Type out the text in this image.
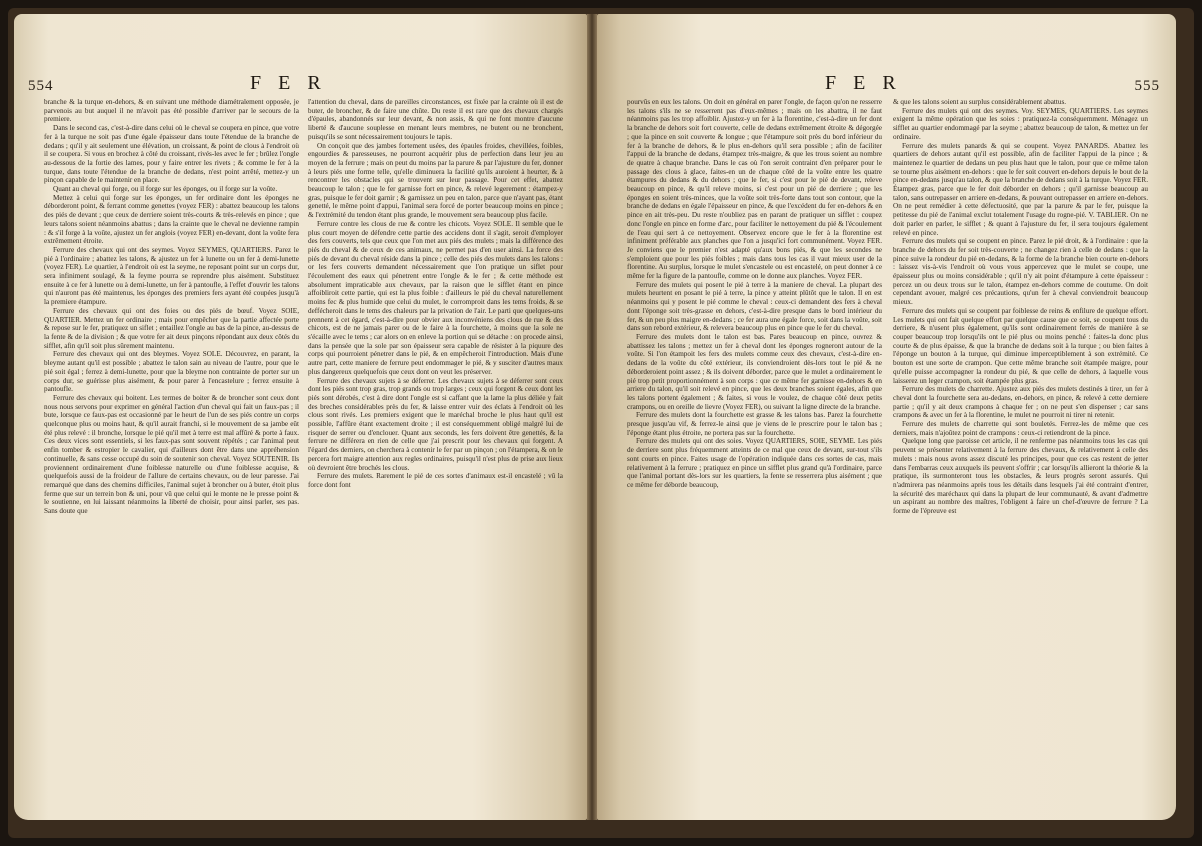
554	F E R

branche & la turque en-dehors, & en suivant une méthode diamétralement opposée, je parvenois au but auquel il ne m'avoit pas été possible d'arriver par le secours de la premiere.

Dans le second cas, c'est-à-dire dans celui où le cheval se coupera en pince, que votre fer à la turque ne soit pas d'une égale épaisseur dans toute l'étendue de la branche de dedans ; qu'il y ait seulement une élévation, un croissant, & point de clous à l'endroit où il se coupera. Si vous en brochez à côté du croissant, rivés-les avec le fer ; brûlez l'ongle au-dessous de la fortie des lames, pour y faire entrer les rivets ; & comme le fer à la turque, dans toute l'étendue de la branche de dedans, n'est point arrêté, mettez-y un pinçon capable de le maintenir en place.

Quant au cheval qui forge, ou il forge sur les éponges, ou il forge sur la voûte.

Mettez à celui qui forge sur les éponges, un fer ordinaire dont les éponges ne déborderont point, & ferrant comme genettes (voyez FER) : abattez beaucoup les talons des piés de devant ; que ceux de derriere soient très-courts & très-relevés en pince ; que leurs talons soient néanmoins abattus ; dans la crainte que le cheval ne devienne rampin : & s'il forge à la voûte, ajustez un fer anglois (voyez FER) en-devant, dont la voûte fera extrêmement étroite.

Ferrure des chevaux qui ont des seymes. Voyez SEYMES, QUARTIERS. Parez le pié à l'ordinaire ; abattez les talons, & ajustez un fer à lunette ou un fer à demi-lunette (voyez FER). Le quartier, à l'endroit où est la seyme, ne reposant point sur un corps dur, sera infiniment soulagé, & la feyme pourra se reprendre plus aisément. Substituez ensuite à ce fer à lunette ou à demi-lunette, un fer à pantoufle, à l'effet d'ouvrir les talons qui n'auront pas été maintenus, les éponges des premiers fers ayant été coupées jusqu'à la premiere étampure.

Ferrure des chevaux qui ont des foies ou des piés de bœuf. Voyez SOIE, QUARTIER. Mettez un fer ordinaire ; mais pour empêcher que la partie affectée porte & repose sur le fer, pratiquez un siflet ; entaillez l'ongle au bas de la pince, au-dessus de la fente & de la division ; & que votre fer ait deux pinçons répondant aux deux côtés du sifflet, afin qu'il soit plus sûrement maintenu.

Ferrure des chevaux qui ont des bleymes. Voyez SOLE. Découvrez, en parant, la bleyme autant qu'il est possible ; abattez le talon sain au niveau de l'autre, pour que le pié soit égal ; ferrez à demi-lunette, pour que la bleyme non contrainte de porter sur un corps dur, se guérisse plus aisément, & pour parer à l'encastelure ; ferrez ensuite à pantoufle.

Ferrure des chevaux qui boitent. Les termes de boiter & de broncher sont ceux dont nous nous servons pour exprimer en général l'action d'un cheval qui fait un faux-pas ; il bute, lorsque ce faux-pas est occasionné par le heurt de l'un de ses piés contre un corps quelconque plus ou moins haut, & qu'il aurait franchi, si le mouvement de sa jambe eût été plus relevé : il bronche, lorsque le pié qu'il met à terre est mal affûré & porte à faux. Ces deux vices sont essentiels, si les faux-pas sont souvent répétés ; car l'animal peut enfin tomber & estropier le cavalier, qui d'ailleurs dont être dans une appréhension continuelle, & sans cesse occupé du soin de soutenir son cheval. Voyez SOUTENIR. Ils proviennent ordinairement d'une foiblesse naturelle ou d'une foiblesse acquise, & quelquefois aussi de la froideur de l'allure de certains chevaux, ou de leur paresse. J'ai remarqué que dans des chemins difficiles, l'animal sujet à broncher ou à buter, étoit plus ferme que sur un terrein bon & uni, pour vû que celui qui le monte ne le presse point & le soutienne, en lui laissant néanmoins la liberté de choisir, pour ainsi parler, ses pas. Sans doute que

l'attention du cheval, dans de pareilles circonstances, est fixée par la crainte où il est de buter, de broncher, & de faire une chûte. Du reste il est rare que des chevaux chargés d'épaules, abandonnés sur leur devant, & non assis, & qui ne font montre d'aucune liberté & d'aucune souplesse en menant leurs membres, ne butent ou ne bronchent, puisqu'ils se sont nécessairement toujours le tapis.

On conçoit que des jambes fortement usées, des épaules froides, chevillées, foibles, engourdies & paresseuses, ne pourront acquérir plus de perfection dans leur jeu au moyen de la ferrure ; mais on peut du moins par la parure & par l'ajusture du fer, donner à leurs piés une forme telle, qu'elle diminuera la facilité qu'ils auroient à heurter, & à rencontrer les obstacles qui se trouvent sur leur passage. Pour cet effet, abattez beaucoup le talon ; que le fer garnisse fort en pince, & relevé legerement : étampez-y gras, puisque le fer doit garnir ; & garnissez un peu en talon, parce que n'ayant pas, étant genetté, le même point d'appui, l'animal sera forcé de porter beaucoup moins en pince ; & l'extrémité du tendon étant plus grande, le mouvement sera beaucoup plus facile.

Ferrure contre les clous de rue & contre les chicots. Voyez SOLE. Il semble que le plus court moyen de défendre cette partie des accidens dont il s'agit, seroit d'employer des fers couverts, tels que ceux que l'on met aux piés des mulets ; mais la différence des piés du cheval & de ceux de ces animaux, ne permet pas d'en user ainsi. La force des piés de devant du cheval réside dans la pince ; celle des piés des mulets dans les talons : or les fers couverts demandent nécessairement que l'on pratique un siflet pour l'écoulement des eaux qui pénetrent entre l'ongle & le fer ; & cette méthode est absolument impraticable aux chevaux, par la raison que le sifflet étant en pince affoibliroit cette partie, qui est la plus foible : d'ailleurs le pié du cheval naturellement moins fec & plus humide que celui du mulet, le corromproit dans les tems froids, & se deffécheroit dans le tems des chaleurs par la privation de l'air. Le parti que quelques-uns prennent à cet égard, c'est-à-dire pour obvier aux inconvéniens des clous de rue & des chicots, est de ne jamais parer ou de le faire à la fourchette, à moins que la sole ne s'écaille avec le tems ; car alors on en enleve la portion qui se détache : on procede ainsi, dans la pensée que la sole par son épaisseur sera capable de résister à la piquure des corps qui pourroient pénetrer dans le pié, & en empêcheroit l'introduction. Mais d'une autre part, cette maniere de ferrure peut endommager le pié, & y susciter d'autres maux plus dangereux quelquefois que ceux dont on veut les préserver.

Ferrure des chevaux sujets à se déferrer. Les chevaux sujets à se déferrer sont ceux dont les piés sont trop gras, trop grands ou trop larges ; ceux qui forgent & ceux dont les piés sont dérobés, c'est à dire dont l'ongle est si caffant que la lame la plus déliée y fait des breches considérables près du fer, & laisse entrer vuir des éclats à l'endroit où les clous sont rivés. Les premiers exigent que le maréchal broche le plus haut qu'il est possible, l'affûre étant exactement droite ; il est conséquemment obligé malgré lui de risquer de serrer ou d'enclouer. Quant aux seconds, les fers doivent être genettés, & la ferrure ne différera en rien de celle que j'ai prescrit pour les chevaux qui forgent. A l'égard des derniers, on cherchera à contenir le fer par un pinçon ; on l'étampera, & on le percera fort maigre attention aux regles ordinaires, puisqu'il n'est plus de prise aux lieux où devroient être brochés les clous.

Ferrure des mulets. Rarement le pié de ces sortes d'animaux est-il encastelé ; vû la force dont font

F E R	555

pourvûs en eux les talons. On doit en général en parer l'ongle, de façon qu'on ne resserre les talons s'ils ne se resserrent pas d'eux-mêmes ; mais on les abattra, il ne faut néanmoins pas les trop affoiblir. Ajustez-y un fer à la florentine, c'est-à-dire un fer dont la branche de dehors soit fort couverte, celle de dedans extrêmement étroite & dégorgée ; que la pince en soit couverte & longue ; que l'étampure soit près du bord inférieur du fer à la branche de dehors, & le plus en-dehors qu'il sera possible ; afin de faciliter l'appui de la branche de dedans, étampez très-maigre, & que les trous soient au nombre de quatre à chaque branche. Dans le cas où l'on seroit contraint d'en préparer pour le passage des clous à glace, faites-en un de chaque côté de la voûte entre les quatre étampures du dedans & du dehors ; que le fer, si c'est pour le pié de devant, releve beaucoup en pince, & qu'il releve moins, si c'est pour un pié de derriere ; que les éponges en soient très-minces, que la voûte soit très-forte dans tout son contour, que la branche de dedans en égale l'épaisseur en pince, & que l'excédent du fer en-dehors & en pince en ait très-peu. Du reste n'oubliez pas en parant de pratiquer un sifflet : coupez donc l'ongle en pince en forme d'arc, pour faciliter le nettoyement du pié & l'écoulement de l'eau qui sert à ce nettoyement. Observez encore que le fer à la florentine est infiniment préférable aux planches que l'on a jusqu'ici fort communément. Voyez FER. Je conviens que le premier n'est adapté qu'aux bons piés, & que les secondes ne s'emploient que pour les piés foibles ; mais dans tous les cas il vaut mieux user de la florentine. Au surplus, lorsque le mulet s'encastele ou est encastelé, on peut donner à ce même fer la figure de la pantoufle, comme on le donne aux planches. Voyez FER.

Ferrure des mulets qui posent le pié à terre à la maniere de cheval. La plupart des mulets heurtent en posant le pié à terre, la pince y atteint plûtôt que le talon. Il en est néanmoins qui y posent le pié comme le cheval : ceux-ci demandent des fers à cheval dont l'éponge soit très-grasse en dehors, c'est-à-dire presque dans le bord intérieur du fer, & un peu plus maigre en-dedans ; ce fer aura une égale force, soit dans la voûte, soit dans son rebord extérieur, & relevera beaucoup plus en pince que le fer du cheval.

Ferrure des mulets dont le talon est bas. Pares beaucoup en pince, ouvrez & abattissez les talons ; mettez un fer à cheval dont les éponges rogneront autour de la voûte. Si l'on étampoit les fers des mulets comme ceux des chevaux, c'est-à-dire en-dedans de la voûte du côté extérieur, ils conviendroient dès-lors tout le pié & ne déborderoient point assez ; & ils doivent déborder, parce que le mulet a ordinairement le pié trop petit proportionnément à son corps : que ce même fer garnisse en-dehors & en arriere du talon, qu'il soit relevé en pince, que les deux branches soient égales, afin que les talons portent également ; & faites, si vous le voulez, de chaque côté deux petits crampons, ou en oreille de lievre (Voyez FER), ou suivant la ligne directe de la branche.

Ferrure des mulets dont la fourchette est grasse & les talons bas. Parez la fourchette presque jusqu'au vif, & ferrez-le ainsi que je viens de le prescrire pour le talon bas ; l'éponge étant plus étroite, ne portera pas sur la fourchette.

Ferrure des mulets qui ont des soies. Voyez QUARTIERS, SOIE, SEYME. Les piés de derriere sont plus fréquemment atteints de ce mal que ceux de devant, sur-tout s'ils sont courts en pince. Faites usage de l'opération indiquée dans ces sortes de cas, mais relativement à la ferrure ; pratiquez en pince un sifflet plus grand qu'à l'ordinaire, parce que l'animal portant dès-lors sur les quartiers, la fente se resserrera plus aisément ; que ce même fer déborde beaucoup,

& que les talons soient au surplus considérablement abattus.

Ferrure des mulets qui ont des seymes. Voy. SEYMES, QUARTIERS. Les seymes exigent la même opération que les soies : pratiquez-la conséquemment. Ménagez un sifflet au quartier endommagé par la seyme ; abattez beaucoup de talon, & mettez un fer ordinaire.

Ferrure des mulets panards & qui se coupent. Voyez PANARDS. Abattez les quartiers de dehors autant qu'il est possible, afin de faciliter l'appui de la pince ; & maintenez le quartier de dedans un peu plus haut que le talon, pour que ce même talon se tourne plus aisément en-dehors : que le fer soit couvert en-dehors depuis le bout de la pince en-dedans jusqu'au talon, & que la branche de dedans soit à la turque. Voyez FER. Étampez gras, parce que le fer doit déborder en dehors ; qu'il garnisse beaucoup au talon, sans outrepasser en arriere en-dedans, & pouvant outrepasser en arriere en-dehors. On ne peut remédier à cette défectuosité, que par la parure & par le fer, puisque la petitesse du pié de l'animal exclut totalement l'usage du rogne-pié. V. TABLIER. On ne doit parler en parler, le sifflet ; & quant à l'ajusture du fer, il sera toujours également relevé en pince.

Ferrure des mulets qui se coupent en pince. Parez le pié droit, & à l'ordinaire : que la branche de dehors du fer soit très-couverte ; ne changez rien à celle de dedans : que la pince suive la rondeur du pié en-dedans, & la forme de la branche bien courte en-dehors : laissez vis-à-vis l'endroit où vous vous appercevez que le mulet se coupe, une épaisseur plus ou moins considérable ; qu'il n'y ait point d'étampure à cette épaisseur : percez un ou deux trous sur le talon, étampez en-dehors comme de coutume. On doit cependant avouer, malgré ces précautions, qu'un fer à cheval conviendroit beaucoup mieux.

Ferrure des mulets qui se coupent par foiblesse de reins & enfilure de quelque effort. Les mulets qui ont fait quelque effort par quelque cause que ce soit, se coupent tous du derriere, & n'usent plus également, qu'ils sont ordinairement ferrés de manière à se couper beaucoup trop lorsqu'ils ont le pié plus ou moins penché : faites-la donc plus courte & de plus épaisse, & que la branche de dedans soit à la turque ; ou bien faites à l'éponge un bouton à la turque, qui diminue imperceptiblement à son extrémité. Ce bouton est une sorte de crampon. Que cette même branche soit étampée maigre, pour qu'elle puisse accompagner la rondeur du pié, & que celle de dehors, à laquelle vous laisserez un leger crampon, soit étampée plus gras.

Ferrure des mulets de charrette. Ajustez aux piés des mulets destinés à tirer, un fer à cheval dont la fourchette sera au-dedans, en-dehors, en pince, & relevé à cette derniere partie ; qu'il y ait deux crampons à chaque fer ; on ne peut s'en dispenser ; car sans crampons & avec un fer à la florentine, le mulet ne pourroit ni tirer ni retenir.

Ferrure des mulets de charrette qui sont bouletés. Ferrez-les de même que ces derniers, mais n'ajoûtez point de crampons : ceux-ci retiendront de la pince.

Quelque long que paroisse cet article, il ne renferme pas néanmoins tous les cas qui peuvent se présenter relativement à la ferrure des chevaux, & relativement à celle des mulets : mais nous avons assez discuté les principes, pour que ces cas restent de jetter dans l'embarras ceux auxquels ils peuvent s'offrir ; car lorsqu'ils allieront la théorie & la pratique, ils surmonteront tous les obstacles, & leurs progrès seront assurés. Qui n'admirera pas néanmoins après tous les détails dans lesquels j'ai été contraint d'entrer, la sécurité des maréchaux qui dans la plupart de leur communauté, & avant d'admettre un aspirant au nombre des maîtres, l'obligent à faire un chef-d'œuvre de ferrure ? La forme de l'épreuve est
